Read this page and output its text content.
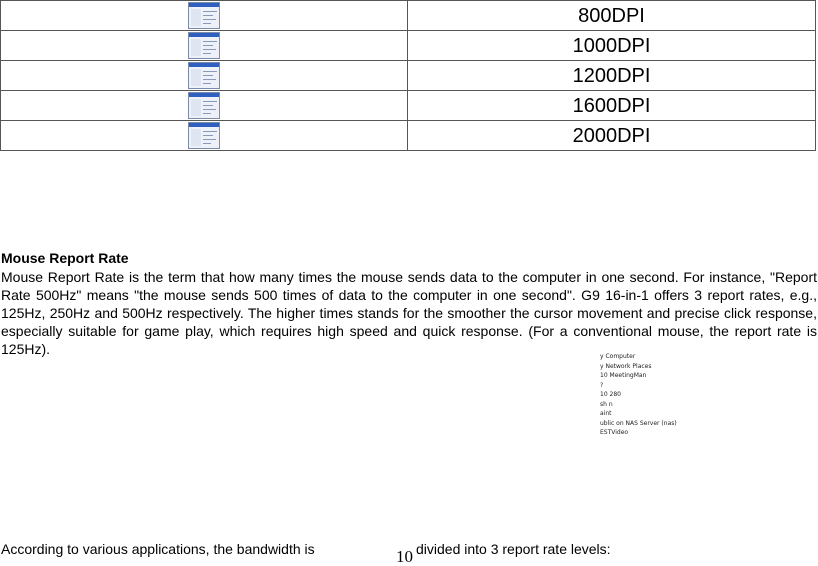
	800DPI

	1000DPI

	1200DPI

	1600DPI

	2000DPI
Mouse Report Rate

Mouse Report Rate is the term that how many times the mouse sends data to the computer in one second. For instance, "Report Rate 500Hz" means "the mouse sends 500 times of data to the computer in one second". G9 16-in-1 offers 3 report rates, e.g., 125Hz, 250Hz and 500Hz respectively. The higher times stands for the smoother the cursor movement and precise click response, especially suitable for game play, which requires high speed and quick response. (For a conventional mouse, the report rate is 125Hz).	y Computer
y Network Places
10 MeetingMan
?
10 280
sh n
aint
ublic on NAS Server (nas)
ESTVideo
According to various applications, the bandwidth is	10 divided into 3 report rate levels:
